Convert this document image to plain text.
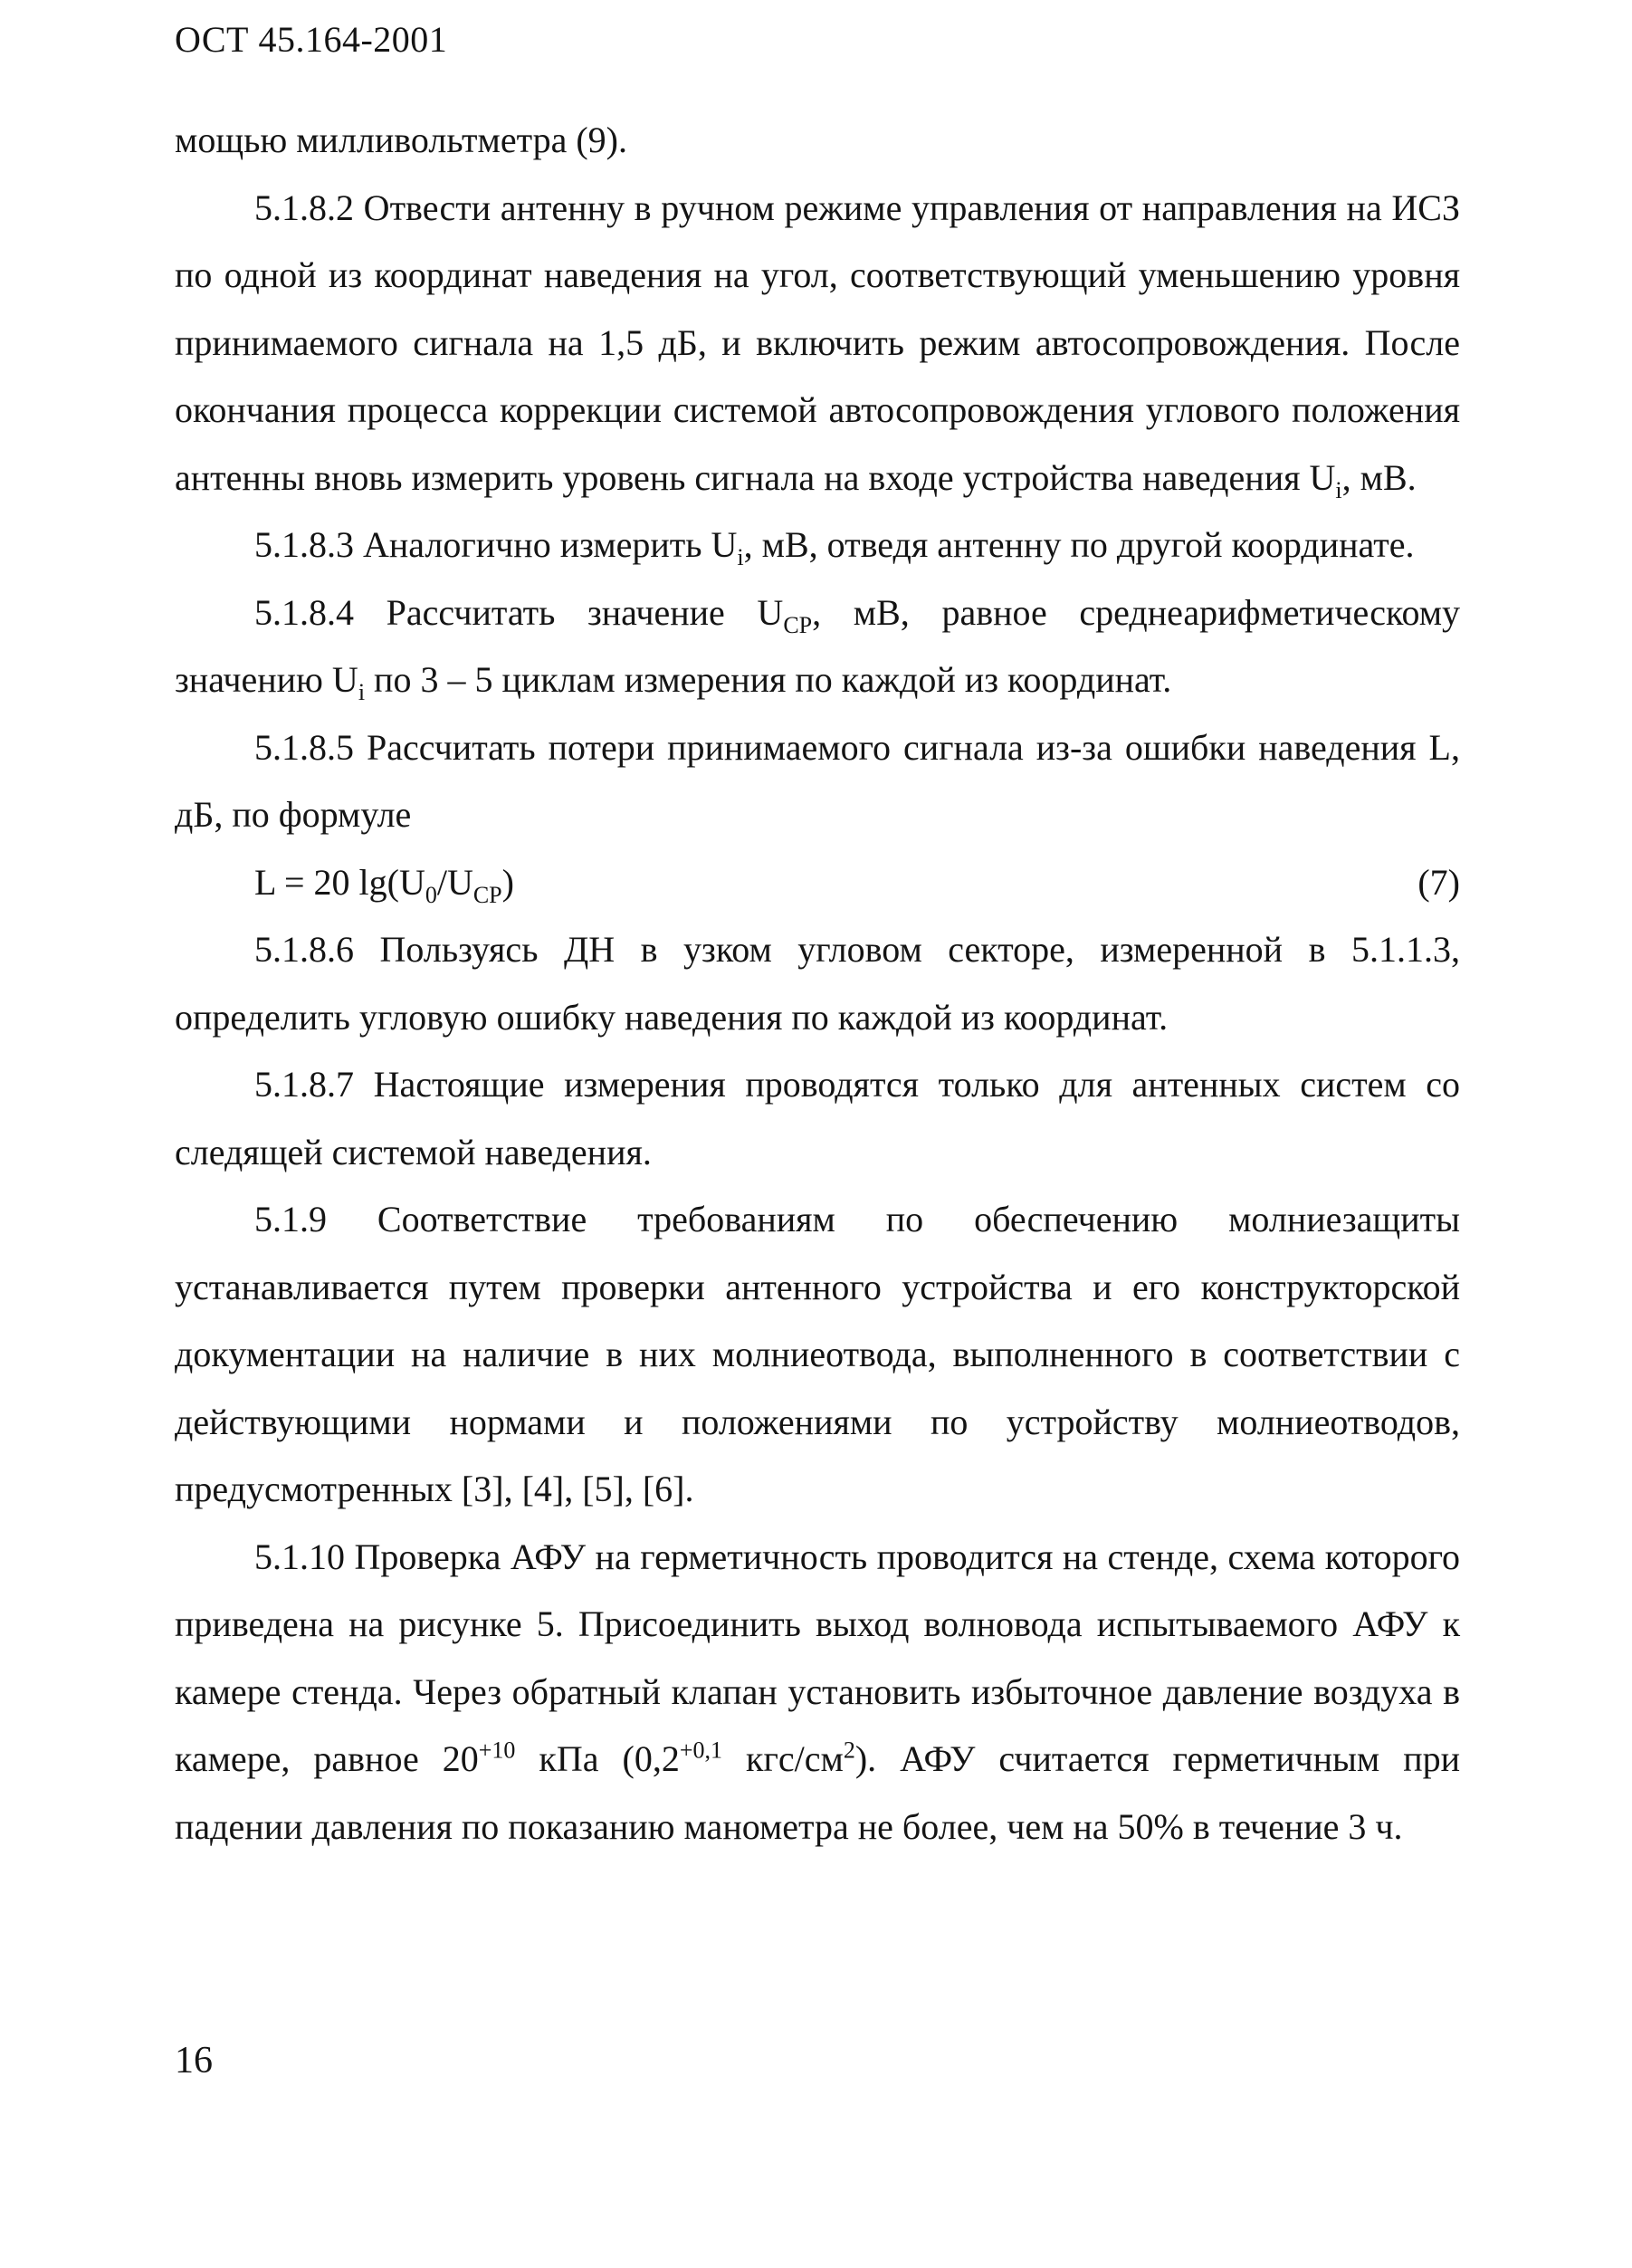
ОСТ 45.164-2001

мощью милливольтметра (9).

5.1.8.2 Отвести антенну в ручном режиме управления от направления на ИСЗ по одной из координат наведения на угол, соответствующий уменьшению уровня принимаемого сигнала на 1,5 дБ, и включить режим автосопровождения. После окончания процесса коррекции системой автосопровождения углового положения антенны вновь измерить уровень сигнала на входе устройства наведения $U_i$, мВ.

5.1.8.3 Аналогично измерить $U_i$, мВ, отведя антенну по другой координате.

5.1.8.4 Рассчитать значение $U_{CP}$, мВ, равное среднеарифметическому значению $U_i$ по 3 – 5 циклам измерения по каждой из координат.

5.1.8.5 Рассчитать потери принимаемого сигнала из-за ошибки наведения L, дБ, по формуле

L = 20 $\lg(U_0/U_{CP})$	(7)

5.1.8.6 Пользуясь ДН в узком угловом секторе, измеренной в 5.1.1.3, определить угловую ошибку наведения по каждой из координат.

5.1.8.7 Настоящие измерения проводятся только для антенных систем со следящей системой наведения.

5.1.9 Соответствие требованиям по обеспечению молниезащиты устанавливается путем проверки антенного устройства и его конструкторской документации на наличие в них молниеотвода, выполненного в соответствии с действующими нормами и положениями по устройству молниеотводов, предусмотренных [3], [4], [5], [6].

5.1.10 Проверка АФУ на герметичность проводится на стенде, схема которого приведена на рисунке 5. Присоединить выход волновода испытываемого АФУ к камере стенда. Через обратный клапан установить избыточное давление воздуха в камере, равное $20^{+10}$ кПа ($0,2^{+0,1}$ кгс/$см^2$). АФУ считается герметичным при падении давления по показанию манометра не более, чем на 50% в течение 3 ч.

16
